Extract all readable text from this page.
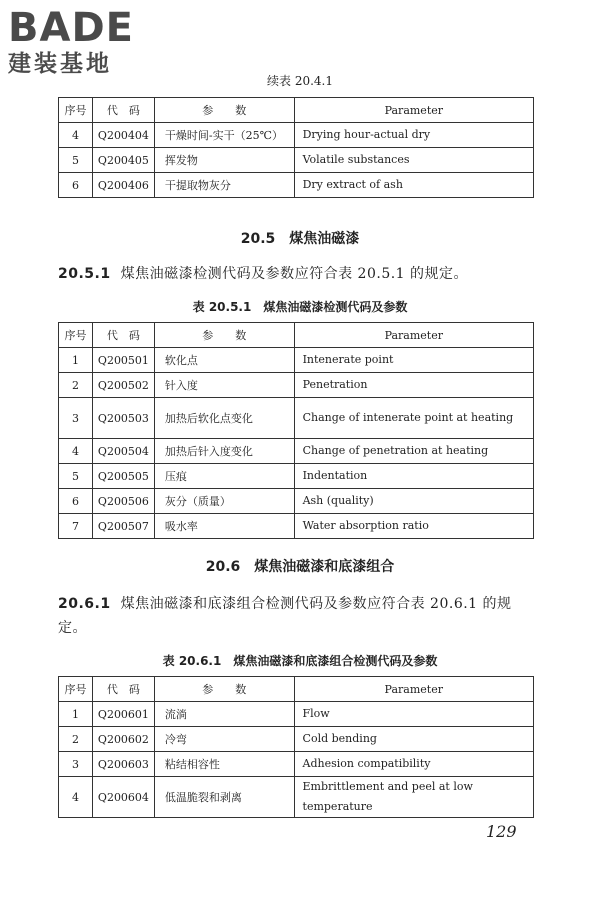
BADE
建装基地
续表 20.4.1
序号	代　码	参　　数	Parameter
4	Q200404	干燥时间-实干（25℃）	Drying hour-actual dry
5	Q200405	挥发物	Volatile substances
6	Q200406	干提取物灰分	Dry extract of ash
20.5　煤焦油磁漆
20.5.1 煤焦油磁漆检测代码及参数应符合表 20.5.1 的规定。
表 20.5.1　煤焦油磁漆检测代码及参数
序号	代　码	参　　数	Parameter
1	Q200501	软化点	Intenerate point
2	Q200502	针入度	Penetration
3	Q200503	加热后软化点变化	Change of intenerate point at heating
4	Q200504	加热后针入度变化	Change of penetration at heating
5	Q200505	压痕	Indentation
6	Q200506	灰分（质量）	Ash (quality)
7	Q200507	吸水率	Water absorption ratio
20.6　煤焦油磁漆和底漆组合
20.6.1 煤焦油磁漆和底漆组合检测代码及参数应符合表 20.6.1 的规定。
表 20.6.1　煤焦油磁漆和底漆组合检测代码及参数
序号	代　码	参　　数	Parameter
1	Q200601	流淌	Flow
2	Q200602	冷弯	Cold bending
3	Q200603	粘结相容性	Adhesion compatibility
4	Q200604	低温脆裂和剥离	Embrittlement and peel at low temperature
129
